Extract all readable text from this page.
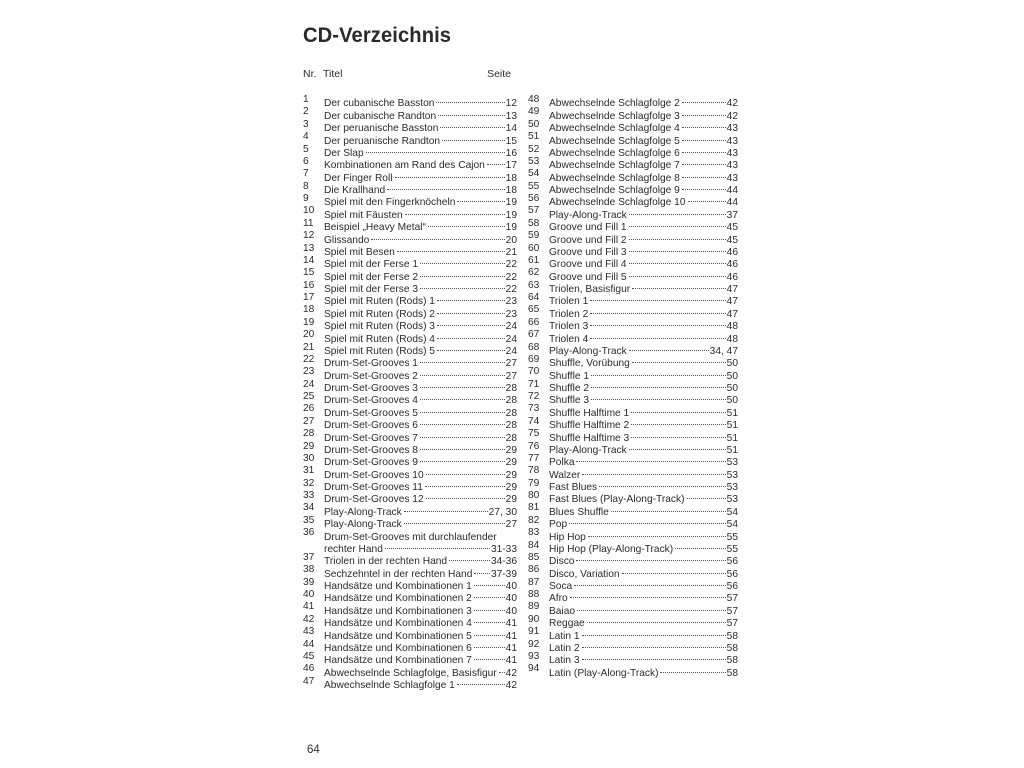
CD-Verzeichnis
Nr. Titel	Seite
1 Der cubanische Basston	12
2 Der cubanische Randton	13
3 Der peruanische Basston	14
4 Der peruanische Randton	15
5 Der Slap	16
6 Kombinationen am Rand des Cajon 17
7 Der Finger Roll	18
8 Die Krallhand	18
9 Spiel mit den Fingerknöcheln	19
10 Spiel mit Fäusten	19
11 Beispiel „Heavy Metal“	19
12 Glissando	20
13 Spiel mit Besen	21
14 Spiel mit der Ferse 1	22
15 Spiel mit der Ferse 2	22
16 Spiel mit der Ferse 3	22
17 Spiel mit Ruten (Rods) 1	23
18 Spiel mit Ruten (Rods) 2	23
19 Spiel mit Ruten (Rods) 3	24
20 Spiel mit Ruten (Rods) 4	24
21 Spiel mit Ruten (Rods) 5	24
22 Drum-Set-Grooves 1	27
23 Drum-Set-Grooves 2	27
24 Drum-Set-Grooves 3	28
25 Drum-Set-Grooves 4	28
26 Drum-Set-Grooves 5	28
27 Drum-Set-Grooves 6	28
28 Drum-Set-Grooves 7	28
29 Drum-Set-Grooves 8	29
30 Drum-Set-Grooves 9	29
31 Drum-Set-Grooves 10	29
32 Drum-Set-Grooves 11	29
33 Drum-Set-Grooves 12	29
34 Play-Along-Track	27, 30
35 Play-Along-Track	27
36 Drum-Set-Grooves mit durchlaufender
rechter Hand	31-33
37 Triolen in der rechten Hand	34-36
38 Sechzehntel in der rechten Hand 37-39
39 Handsätze und Kombinationen 1	40
40 Handsätze und Kombinationen 2	40
41 Handsätze und Kombinationen 3	40
42 Handsätze und Kombinationen 4	41
43 Handsätze und Kombinationen 5	41
44 Handsätze und Kombinationen 6	41
45 Handsätze und Kombinationen 7	41
46 Abwechselnde Schlagfolge, Basisfigur 42
47 Abwechselnde Schlagfolge 1	42
48 Abwechselnde Schlagfolge 2	42
49 Abwechselnde Schlagfolge 3	42
50 Abwechselnde Schlagfolge 4	43
51 Abwechselnde Schlagfolge 5	43
52 Abwechselnde Schlagfolge 6	43
53 Abwechselnde Schlagfolge 7	43
54 Abwechselnde Schlagfolge 8	43
55 Abwechselnde Schlagfolge 9	44
56 Abwechselnde Schlagfolge 10	44
57 Play-Along-Track	37
58 Groove und Fill 1	45
59 Groove und Fill 2	45
60 Groove und Fill 3	46
61 Groove und Fill 4	46
62 Groove und Fill 5	46
63 Triolen, Basisfigur	47
64 Triolen 1	47
65 Triolen 2	47
66 Triolen 3	48
67 Triolen 4	48
68 Play-Along-Track	34, 47
69 Shuffle, Vorübung	50
70 Shuffle 1	50
71 Shuffle 2	50
72 Shuffle 3	50
73 Shuffle Halftime 1	51
74 Shuffle Halftime 2	51
75 Shuffle Halftime 3	51
76 Play-Along-Track	51
77 Polka	53
78 Walzer	53
79 Fast Blues	53
80 Fast Blues (Play-Along-Track)	53
81 Blues Shuffle	54
82 Pop	54
83 Hip Hop	55
84 Hip Hop (Play-Along-Track)	55
85 Disco	56
86 Disco, Variation	56
87 Soca	56
88 Afro	57
89 Baiao	57
90 Reggae	57
91 Latin 1	58
92 Latin 2	58
93 Latin 3	58
94 Latin (Play-Along-Track)	58
64
